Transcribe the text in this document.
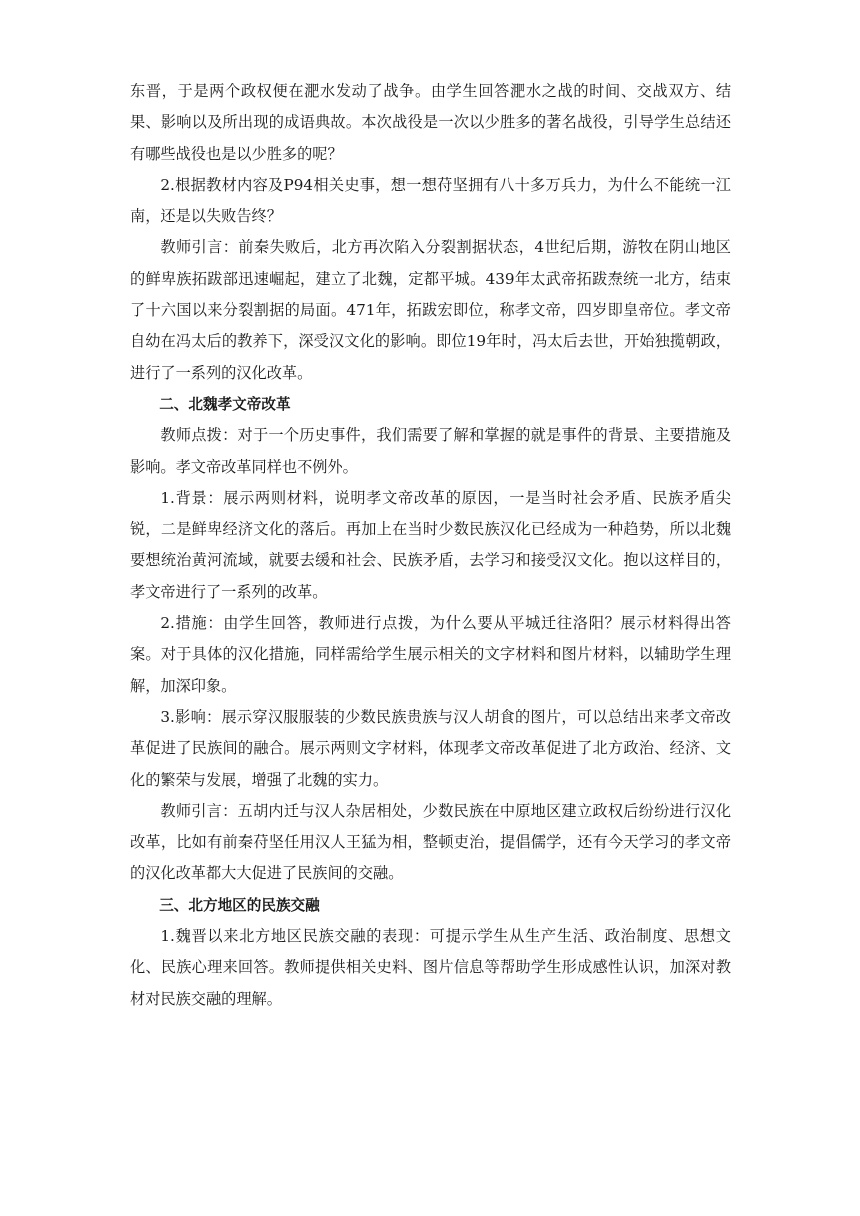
东晋，于是两个政权便在淝水发动了战争。由学生回答淝水之战的时间、交战双方、结果、影响以及所出现的成语典故。本次战役是一次以少胜多的著名战役，引导学生总结还有哪些战役也是以少胜多的呢？

2.根据教材内容及P94相关史事，想一想苻坚拥有八十多万兵力，为什么不能统一江南，还是以失败告终？

教师引言：前秦失败后，北方再次陷入分裂割据状态，4世纪后期，游牧在阴山地区的鲜卑族拓跋部迅速崛起，建立了北魏，定都平城。439年太武帝拓跋焘统一北方，结束了十六国以来分裂割据的局面。471年，拓跋宏即位，称孝文帝，四岁即皇帝位。孝文帝自幼在冯太后的教养下，深受汉文化的影响。即位19年时，冯太后去世，开始独揽朝政，进行了一系列的汉化改革。

二、北魏孝文帝改革

教师点拨：对于一个历史事件，我们需要了解和掌握的就是事件的背景、主要措施及影响。孝文帝改革同样也不例外。

1.背景：展示两则材料，说明孝文帝改革的原因，一是当时社会矛盾、民族矛盾尖锐，二是鲜卑经济文化的落后。再加上在当时少数民族汉化已经成为一种趋势，所以北魏要想统治黄河流域，就要去缓和社会、民族矛盾，去学习和接受汉文化。抱以这样目的，孝文帝进行了一系列的改革。

2.措施：由学生回答，教师进行点拨，为什么要从平城迁往洛阳？展示材料得出答案。对于具体的汉化措施，同样需给学生展示相关的文字材料和图片材料，以辅助学生理解，加深印象。

3.影响：展示穿汉服服装的少数民族贵族与汉人胡食的图片，可以总结出来孝文帝改革促进了民族间的融合。展示两则文字材料，体现孝文帝改革促进了北方政治、经济、文化的繁荣与发展，增强了北魏的实力。

教师引言：五胡内迁与汉人杂居相处，少数民族在中原地区建立政权后纷纷进行汉化改革，比如有前秦苻坚任用汉人王猛为相，整顿吏治，提倡儒学，还有今天学习的孝文帝的汉化改革都大大促进了民族间的交融。

三、北方地区的民族交融

1.魏晋以来北方地区民族交融的表现：可提示学生从生产生活、政治制度、思想文化、民族心理来回答。教师提供相关史料、图片信息等帮助学生形成感性认识，加深对教材对民族交融的理解。
